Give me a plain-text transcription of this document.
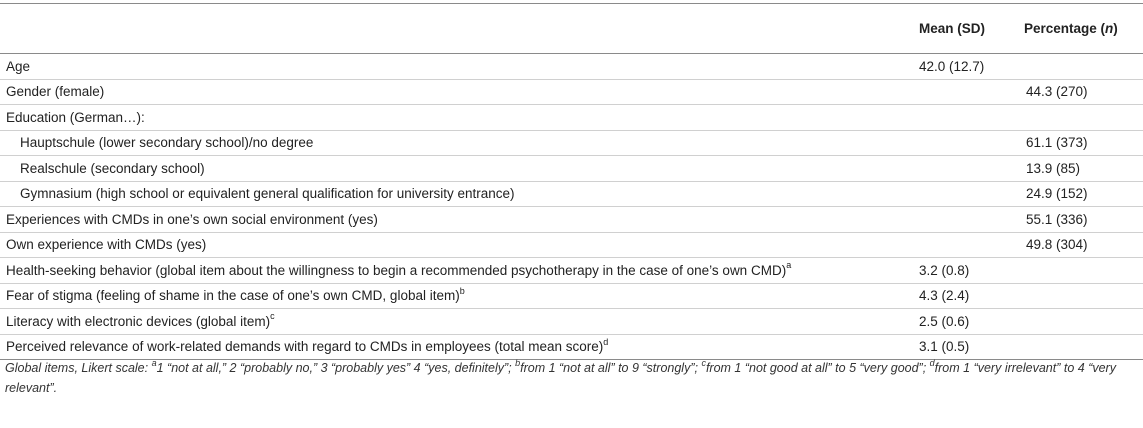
	Mean (SD)	Percentage (n)
Age	42.0 (12.7)	
Gender (female)		44.3 (270)
Education (German…):		
Hauptschule (lower secondary school)/no degree		61.1 (373)
Realschule (secondary school)		13.9 (85)
Gymnasium (high school or equivalent general qualification for university entrance)		24.9 (152)
Experiences with CMDs in one’s own social environment (yes)		55.1 (336)
Own experience with CMDs (yes)		49.8 (304)
Health-seeking behavior (global item about the willingness to begin a recommended psychotherapy in the case of one’s own CMD)$^a$	3.2 (0.8)	
Fear of stigma (feeling of shame in the case of one’s own CMD, global item)$^b$	4.3 (2.4)	
Literacy with electronic devices (global item)$^c$	2.5 (0.6)	
Perceived relevance of work-related demands with regard to CMDs in employees (total mean score)$^d$	3.1 (0.5)	
Global items, Likert scale: $^a$1 “not at all,” 2 “probably no,” 3 “probably yes” 4 “yes, definitely”; $^b$from 1 “not at all” to 9 “strongly”; $^c$from 1 “not good at all” to 5 “very good”; $^d$from 1 “very irrelevant” to 4 “very relevant”.
